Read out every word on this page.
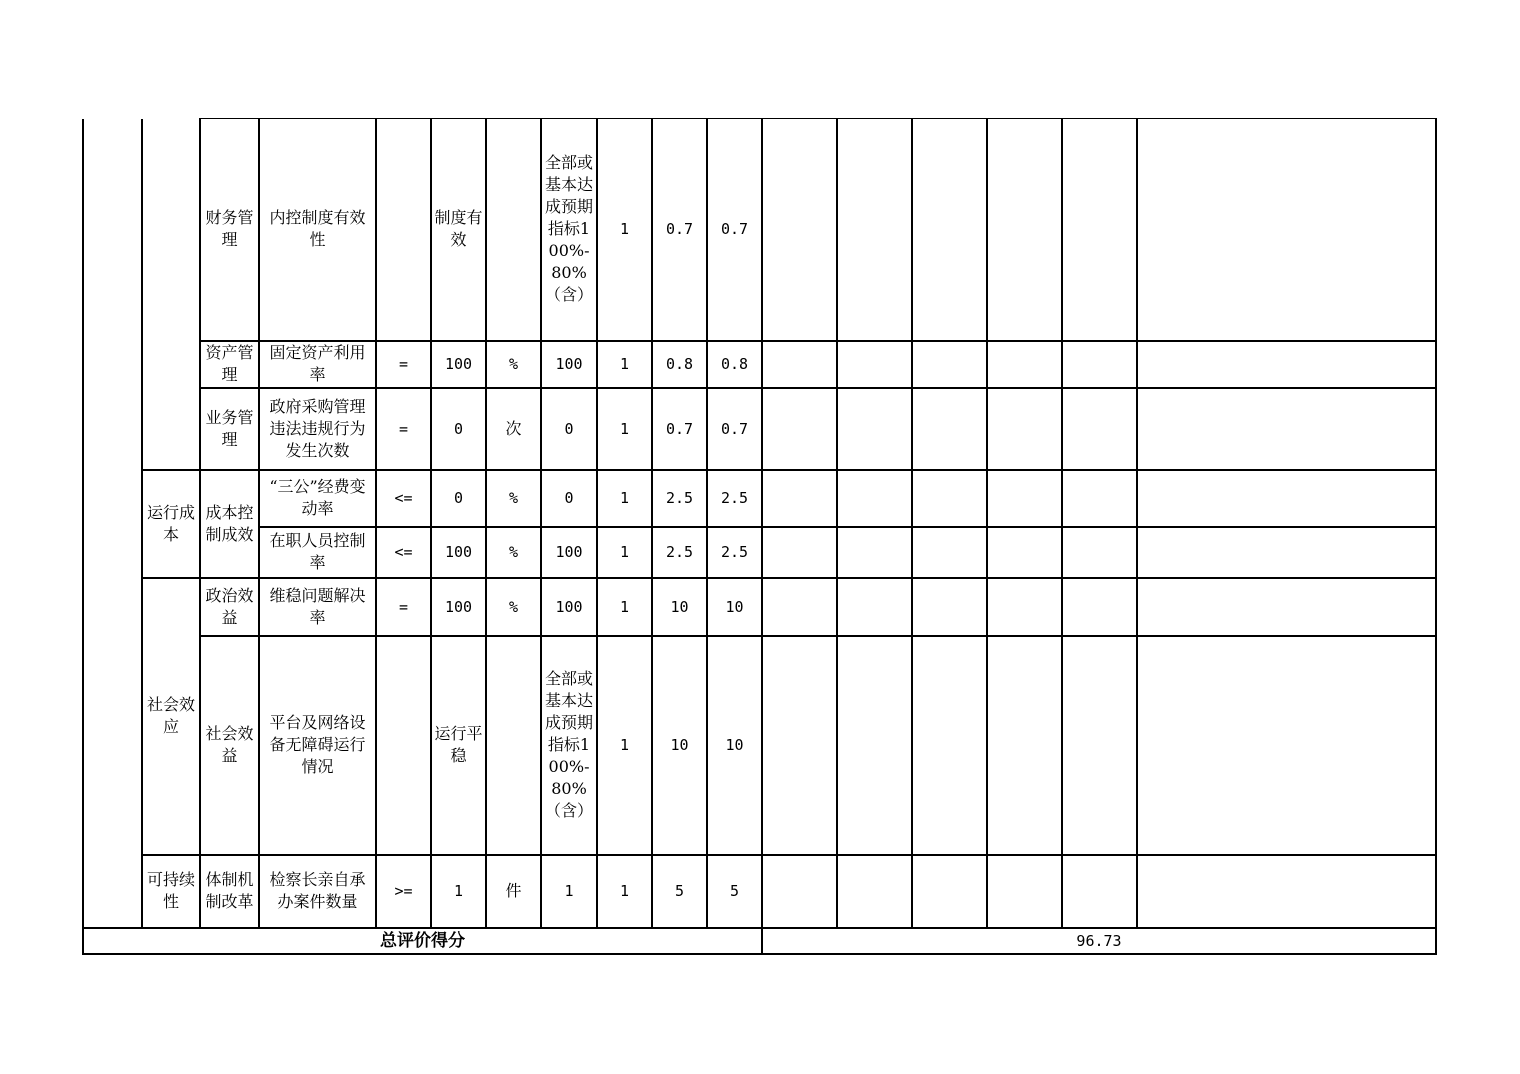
		财务管理	内控制度有效性		制度有效		全部或基本达成预期指标100%-80%（含）	1	0.7	0.7						
		资产管理	固定资产利用率	=	100	%	100	1	0.8	0.8						
		业务管理	政府采购管理违法违规行为发生次数	=	0	次	0	1	0.7	0.7						
	运行成本	成本控制成效	“三公”经费变动率	<=	0	%	0	1	2.5	2.5						
			在职人员控制率	<=	100	%	100	1	2.5	2.5						
	社会效应	政治效益	维稳问题解决率	=	100	%	100	1	10	10						
		社会效益	平台及网络设备无障碍运行情况		运行平稳		全部或基本达成预期指标100%-80%（含）	1	10	10						
	可持续性	体制机制改革	检察长亲自承办案件数量	>=	1	件	1	1	5	5						
总评价得分											96.73					
